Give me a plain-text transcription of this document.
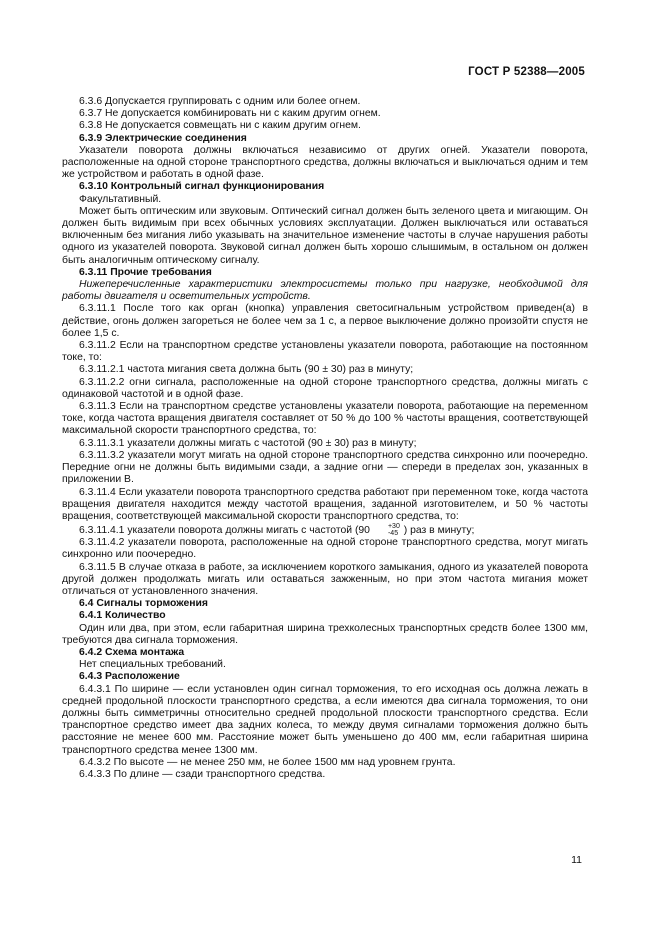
ГОСТ Р 52388—2005
6.3.6 Допускается группировать с одним или более огнем.
6.3.7 Не допускается комбинировать ни с каким другим огнем.
6.3.8 Не допускается совмещать ни с каким другим огнем.
6.3.9 Электрические соединения
Указатели поворота должны включаться независимо от других огней. Указатели поворота, расположенные на одной стороне транспортного средства, должны включаться и выключаться одним и тем же устройством и работать в одной фазе.
6.3.10 Контрольный сигнал функционирования
Факультативный.
Может быть оптическим или звуковым. Оптический сигнал должен быть зеленого цвета и мигающим. Он должен быть видимым при всех обычных условиях эксплуатации. Должен выключаться или оставаться включенным без мигания либо указывать на значительное изменение частоты в случае нарушения работы одного из указателей поворота. Звуковой сигнал должен быть хорошо слышимым, в остальном он должен быть аналогичным оптическому сигналу.
6.3.11 Прочие требования
Нижеперечисленные характеристики электросистемы только при нагрузке, необходимой для работы двигателя и осветительных устройств.
6.3.11.1 После того как орган (кнопка) управления светосигнальным устройством приведен(а) в действие, огонь должен загореться не более чем за 1 с, а первое выключение должно произойти спустя не более 1,5 с.
6.3.11.2 Если на транспортном средстве установлены указатели поворота, работающие на постоянном токе, то:
6.3.11.2.1 частота мигания света должна быть (90 ± 30) раз в минуту;
6.3.11.2.2 огни сигнала, расположенные на одной стороне транспортного средства, должны мигать с одинаковой частотой и в одной фазе.
6.3.11.3 Если на транспортном средстве установлены указатели поворота, работающие на переменном токе, когда частота вращения двигателя составляет от 50 % до 100 % частоты вращения, соответствующей максимальной скорости транспортного средства, то:
6.3.11.3.1 указатели должны мигать с частотой (90 ± 30) раз в минуту;
6.3.11.3.2 указатели могут мигать на одной стороне транспортного средства синхронно или поочередно. Передние огни не должны быть видимыми сзади, а задние огни — спереди в пределах зон, указанных в приложении В.
6.3.11.4 Если указатели поворота транспортного средства работают при переменном токе, когда частота вращения двигателя находится между частотой вращения, заданной изготовителем, и 50 % частоты вращения, соответствующей максимальной скорости транспортного средства, то:
6.3.11.4.1 указатели поворота должны мигать с частотой (90	+30
-45 ) раз в минуту;
6.3.11.4.2 указатели поворота, расположенные на одной стороне транспортного средства, могут мигать синхронно или поочередно.
6.3.11.5 В случае отказа в работе, за исключением короткого замыкания, одного из указателей поворота другой должен продолжать мигать или оставаться зажженным, но при этом частота мигания может отличаться от установленного значения.
6.4 Сигналы торможения
6.4.1 Количество
Один или два, при этом, если габаритная ширина трехколесных транспортных средств более 1300 мм, требуются два сигнала торможения.
6.4.2 Схема монтажа
Нет специальных требований.
6.4.3 Расположение
6.4.3.1 По ширине — если установлен один сигнал торможения, то его исходная ось должна лежать в средней продольной плоскости транспортного средства, а если имеются два сигнала торможения, то они должны быть симметричны относительно средней продольной плоскости транспортного средства. Если транспортное средство имеет два задних колеса, то между двумя сигналами торможения должно быть расстояние не менее 600 мм. Расстояние может быть уменьшено до 400 мм, если габаритная ширина транспортного средства менее 1300 мм.
6.4.3.2 По высоте — не менее 250 мм, не более 1500 мм над уровнем грунта.
6.4.3.3 По длине — сзади транспортного средства.
11
